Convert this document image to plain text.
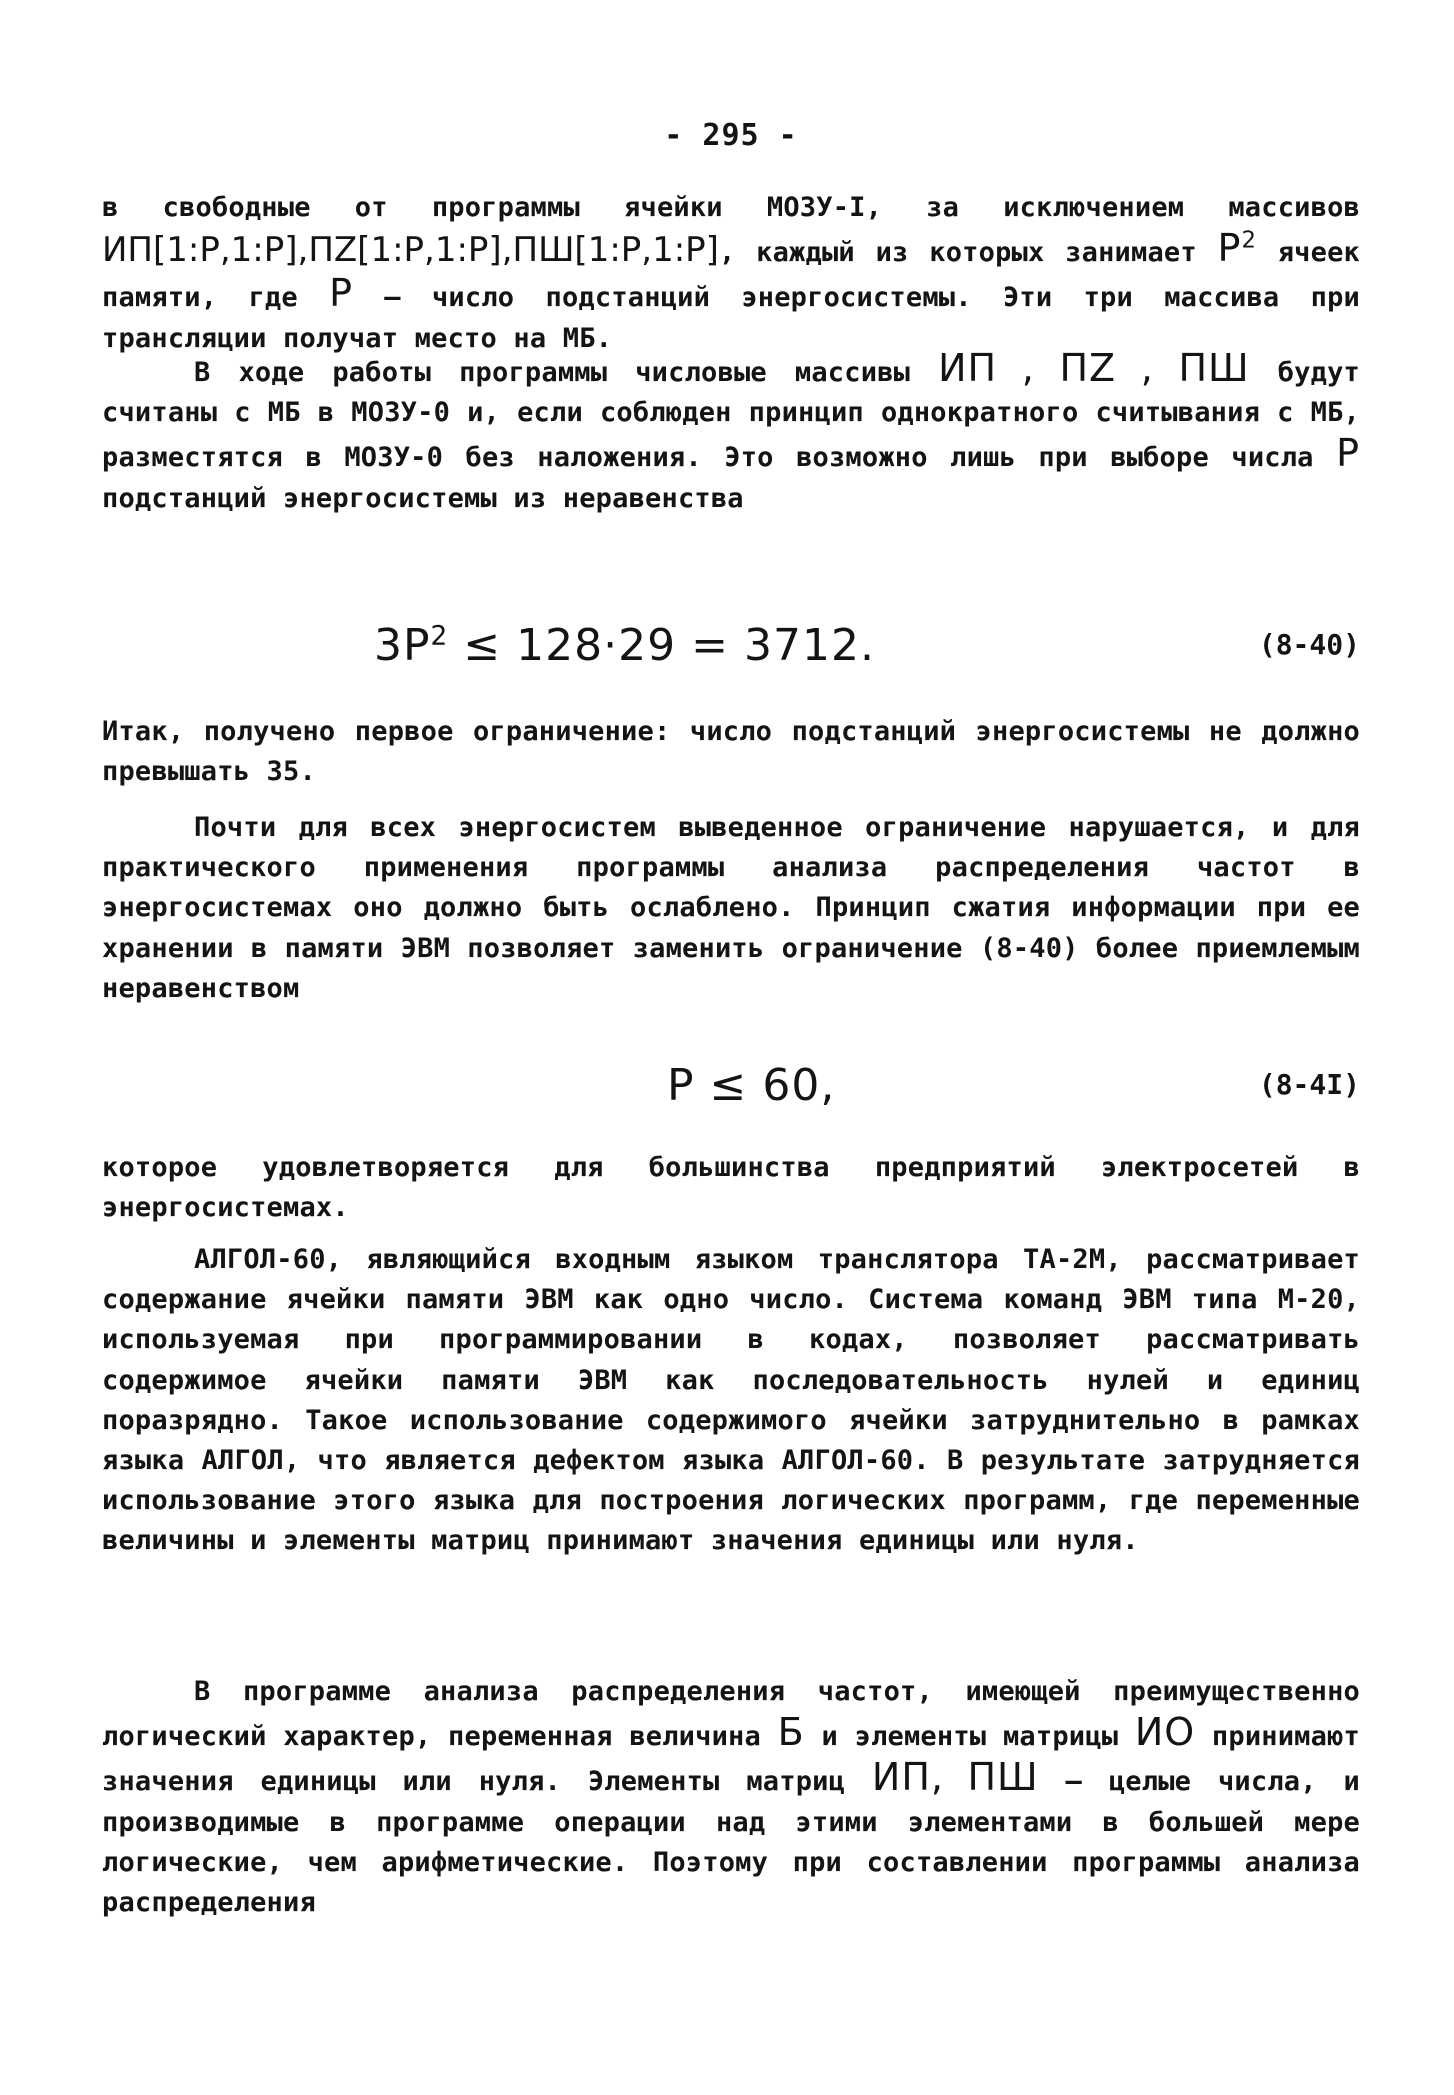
- 295 -

в свободные от программы ячейки МОЗУ-I, за исключением массивов ИП[1:P,1:P],ПZ[1:P,1:P],ПШ[1:P,1:P], каждый из которых занимает $P^2$ ячеек памяти, где P – число подстанций энергосистемы. Эти три массива при трансляции получат место на МБ.

В ходе работы программы числовые массивы ИП , ПZ , ПШ будут считаны с МБ в МОЗУ-0 и, если соблюден принцип однократного считывания с МБ, разместятся в МОЗУ-0 без наложения. Это возможно лишь при выборе числа P подстанций энергосистемы из неравенства

$3P^2 \le 128\cdot 29 = 3712$.	(8-40)

Итак, получено первое ограничение: число подстанций энергосистемы не должно превышать 35.

Почти для всех энергосистем выведенное ограничение нарушается, и для практического применения программы анализа распределения частот в энергосистемах оно должно быть ослаблено. Принцип сжатия информации при ее хранении в памяти ЭВМ позволяет заменить ограничение (8-40) более приемлемым неравенством

P ≤ 60,	(8-4I)

которое удовлетворяется для большинства предприятий электросетей в энергосистемах.

АЛГОЛ-60, являющийся входным языком транслятора ТА-2М, рассматривает содержание ячейки памяти ЭВМ как одно число. Система команд ЭВМ типа М-20, используемая при программировании в кодах, позволяет рассматривать содержимое ячейки памяти ЭВМ как последовательность нулей и единиц поразрядно. Такое использование содержимого ячейки затруднительно в рамках языка АЛГОЛ, что является дефектом языка АЛГОЛ-60. В результате затрудняется использование этого языка для построения логических программ, где переменные величины и элементы матриц принимают значения единицы или нуля.

В программе анализа распределения частот, имеющей преимущественно логический характер, переменная величина Б и элементы матрицы ИО принимают значения единицы или нуля. Элементы матриц ИП, ПШ – целые числа, и производимые в программе операции над этими элементами в большей мере логические, чем арифметические. Поэтому при составлении программы анализа распределения
